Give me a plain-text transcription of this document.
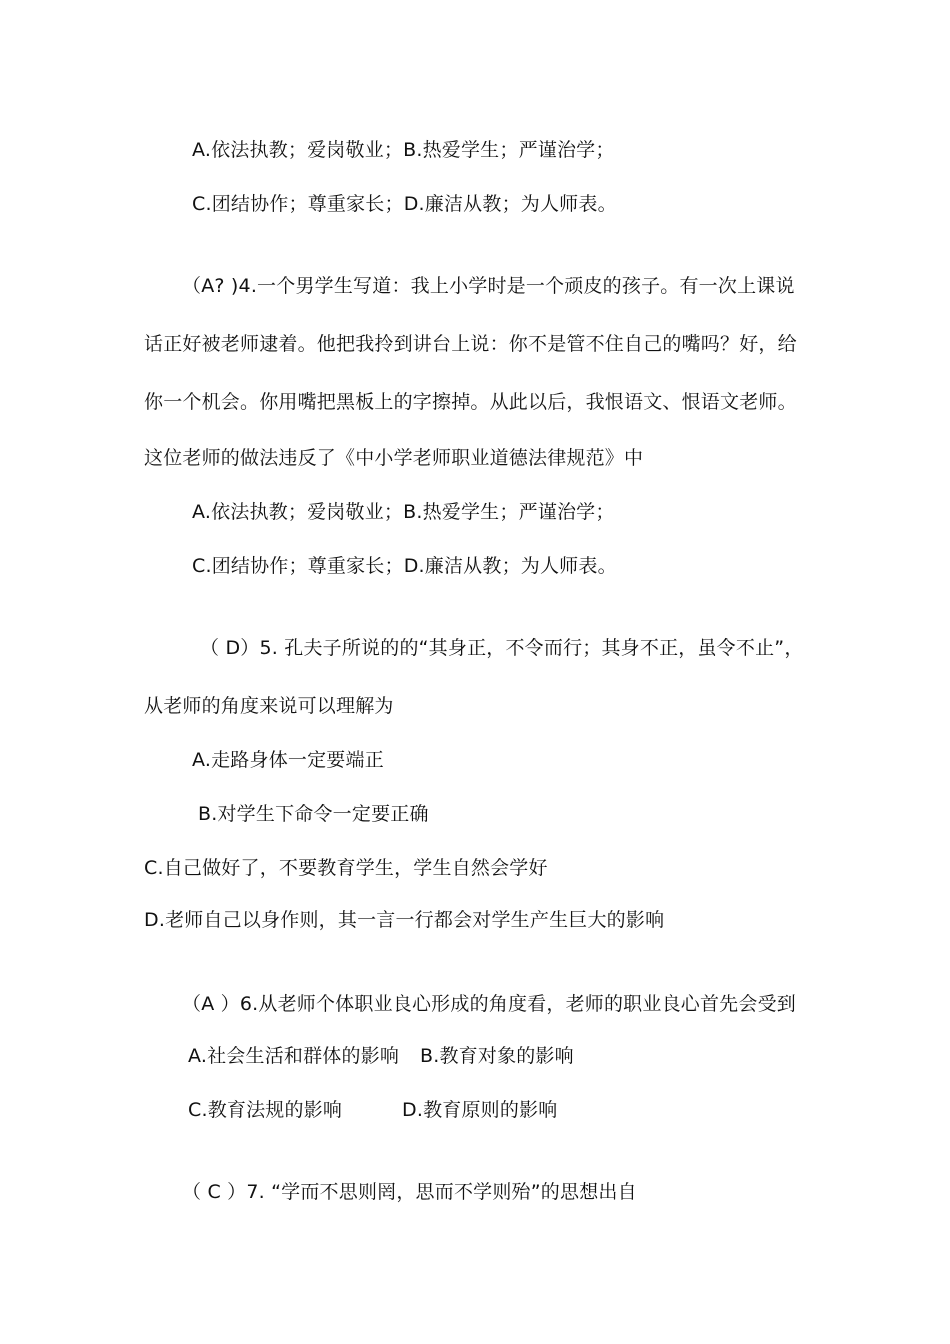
A.依法执教；爱岗敬业；B.热爱学生；严谨治学；
C.团结协作；尊重家长；D.廉洁从教；为人师表。
（A? )4.一个男学生写道：我上小学时是一个顽皮的孩子。有一次上课说
话正好被老师逮着。他把我拎到讲台上说：你不是管不住自己的嘴吗？好，给
你一个机会。你用嘴把黑板上的字擦掉。从此以后，我恨语文、恨语文老师。
这位老师的做法违反了《中小学老师职业道德法律规范》中
A.依法执教；爱岗敬业；B.热爱学生；严谨治学；
C.团结协作；尊重家长；D.廉洁从教；为人师表。
（ D）5. 孔夫子所说的的“其身正，不令而行；其身不正，虽令不止”，
从老师的角度来说可以理解为
A.走路身体一定要端正
B.对学生下命令一定要正确
C.自己做好了，不要教育学生，学生自然会学好
D.老师自己以身作则，其一言一行都会对学生产生巨大的影响
（A ）6.从老师个体职业良心形成的角度看，老师的职业良心首先会受到
A.社会生活和群体的影响 B.教育对象的影响
C.教育法规的影响	D.教育原则的影响
（ C ）7. “学而不思则罔，思而不学则殆”的思想出自
